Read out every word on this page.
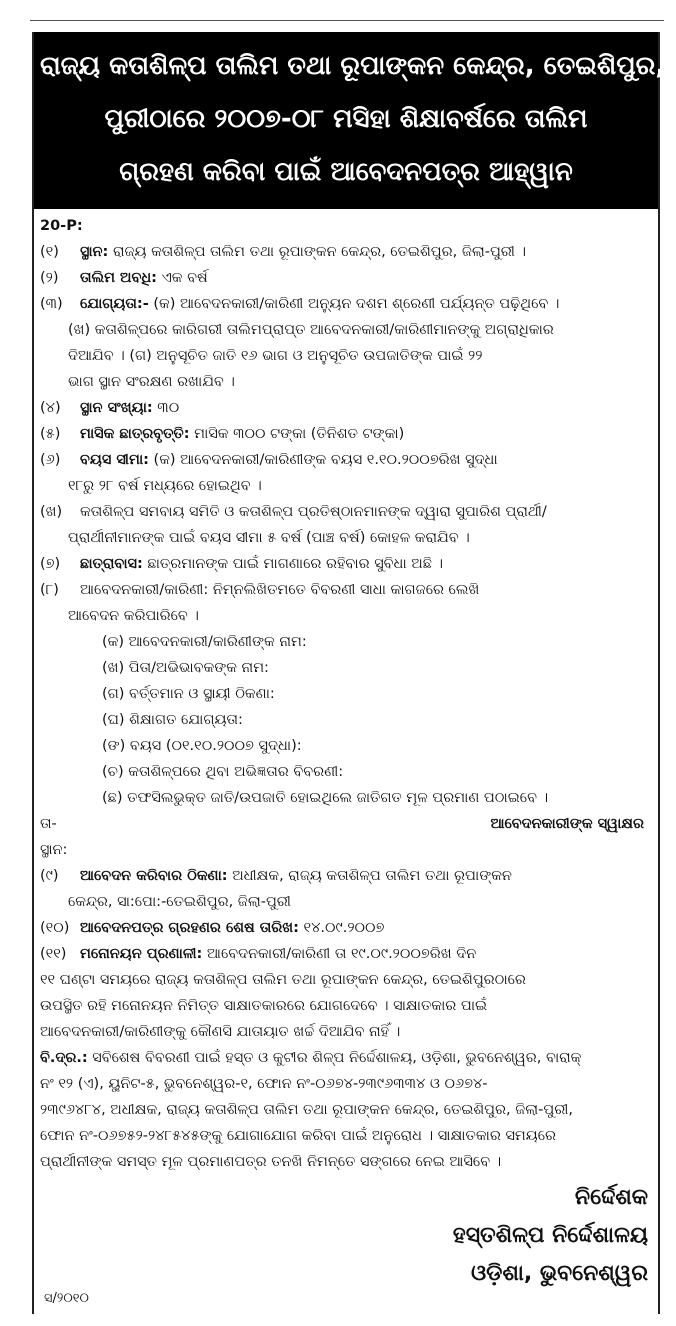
ରାଜ୍ୟ କତାଶିଳ୍ପ ତାଲିମ ତଥା ରୂପାଙ୍କନ କେନ୍ଦ୍ର, ତେଇଶିପୁର,
ପୁରୀଠାରେ ୨୦୦୭-୦୮ ମସିହା ଶିକ୍ଷାବର୍ଷରେ ତାଲିମ
ଗ୍ରହଣ କରିବା ପାଇଁ ଆବେଦନପତ୍ର ଆହ୍ୱାନ
20-P:
(୧) ସ୍ଥାନ: ରାଜ୍ୟ କତାଶିଳ୍ପ ତାଲିମ ତଥା ରୂପାଙ୍କନ କେନ୍ଦ୍ର, ତେଇଶିପୁର, ଜିଲା-ପୁରୀ ।
(୨) ତାଲିମ ଅବଧି: ଏକ ବର୍ଷ
(୩) ଯୋଗ୍ୟତା:- (କ) ଆବେଦନକାରୀ/କାରିଣୀ ଅନ୍ୟୁନ ଦଶମ ଶ୍ରେଣୀ ପର୍ଯ୍ୟନ୍ତ ପଢ଼ିଥିବେ ।
(ଖ) କତାଶିଳ୍ପରେ କାରିଗରୀ ତାଲିମପ୍ରାପ୍ତ ଆବେଦନକାରୀ/କାରିଣୀମାନଙ୍କୁ ଅଗ୍ରାଧିକାର
ଦିଆଯିବ । (ଗ) ଅନୁସୂଚିତ ଜାତି ୧୬ ଭାଗ ଓ ଅନୁସୂଚିତ ଉପଜାତିଙ୍କ ପାଇଁ ୨୨
ଭାଗ ସ୍ଥାନ ସଂରକ୍ଷଣ ରଖାଯିବ ।
(୪) ସ୍ଥାନ ସଂଖ୍ୟା: ୩୦
(୫) ମାସିକ ଛାତ୍ରବୃତ୍ତି: ମାସିକ ୩୦୦ ଟଙ୍କା (ତିନିଶତ ଟଙ୍କା)
(୬) ବୟସ ସୀମା: (କ) ଆବେଦନକାରୀ/କାରିଣୀଙ୍କ ବୟସ ୧.୧୦.୨୦୦୭ରିଖ ସୁଦ୍ଧା
୧୮ରୁ ୨୮ ବର୍ଷ ମଧ୍ୟରେ ହୋଇଥିବ ।
(ଖ) କତାଶିଳ୍ପ ସମବାୟ ସମିତି ଓ କତାଶିଳ୍ପ ପ୍ରତିଷ୍ଠାନମାନଙ୍କ ଦ୍ୱାରା ସୁପାରିଶ ପ୍ରାର୍ଥୀ/
ପ୍ରାର୍ଥୀନୀମାନଙ୍କ ପାଇଁ ବୟସ ସୀମା ୫ ବର୍ଷ (ପାଞ୍ଚ ବର୍ଷ) କୋହଳ କରାଯିବ ।
(୭) ଛାତ୍ରାବାସ: ଛାତ୍ରମାନଙ୍କ ପାଇଁ ମାଗଣାରେ ରହିବାର ସୁବିଧା ଅଛି ।
(୮) ଆବେଦନକାରୀ/କାରିଣୀ: ନିମ୍ନଲିଖିତମତେ ବିବରଣୀ ସାଧା କାଗଜରେ ଲେଖି
ଆବେଦନ କରିପାରିବେ ।
(କ) ଆବେଦନକାରୀ/କାରିଣୀଙ୍କ ନାମ:
(ଖ) ପିତା/ଅଭିଭାବକଙ୍କ ନାମ:
(ଗ) ବର୍ତ୍ତମାନ ଓ ସ୍ଥାୟୀ ଠିକଣା:
(ଘ) ଶିକ୍ଷାଗତ ଯୋଗ୍ୟତା:
(ଙ) ବୟସ (୦୧.୧୦.୨୦୦୭ ସୁଦ୍ଧା):
(ଚ) କତାଶିଳ୍ପରେ ଥିବା ଅଭିଜ୍ଞତାର ବିବରଣୀ:
(ଛ) ତଫସିଲଭୁକ୍ତ ଜାତି/ଉପଜାତି ହୋଇଥିଲେ ଜାତିଗତ ମୂଳ ପ୍ରମାଣ ପଠାଇବେ ।
ତା-	ଆବେଦନକାରୀଙ୍କ ସ୍ୱାକ୍ଷର
ସ୍ଥାନ:
(୯) ଆବେଦନ କରିବାର ଠିକଣା: ଅଧୀକ୍ଷକ, ରାଜ୍ୟ କତାଶିଳ୍ପ ତାଲିମ ତଥା ରୂପାଙ୍କନ
କେନ୍ଦ୍ର, ସା:ପୋ:-ତେଇଶିପୁର, ଜିଲା-ପୁରୀ
(୧୦) ଆବେଦନପତ୍ର ଗ୍ରହଣର ଶେଷ ତାରିଖ: ୧୪.୦୯.୨୦୦୭
(୧୧) ମନୋନୟନ ପ୍ରଣାଳୀ: ଆବେଦନକାରୀ/କାରିଣୀ ତା ୧୯.୦୯.୨୦୦୭ରିଖ ଦିନ
୧୧ ଘଣ୍ଟା ସମୟରେ ରାଜ୍ୟ କତାଶିଳ୍ପ ତାଲିମ ତଥା ରୂପାଙ୍କନ କେନ୍ଦ୍ର, ତେଇଶିପୁରଠାରେ
ଉପସ୍ଥିତ ରହି ମନୋନୟନ ନିମିତ୍ତ ସାକ୍ଷାତକାରରେ ଯୋଗଦେବେ । ସାକ୍ଷାତକାର ପାଇଁ
ଆବେଦନକାରୀ/କାରିଣୀଙ୍କୁ କୌଣସି ଯାତାୟାତ ଖର୍ଚ୍ଚ ଦିଆଯିବ ନାହିଁ ।
ବି.ଦ୍ର.: ସବିଶେଷ ବିବରଣୀ ପାଇଁ ହସ୍ତ ଓ କୁଟୀର ଶିଳ୍ପ ନିର୍ଦ୍ଦେଶାଳୟ, ଓଡ଼ିଶା, ଭୁବନେଶ୍ୱର, ବାରାକ୍
ନଂ ୧୨ (ଏ), ୟୁନିଟ-୫, ଭୁବନେଶ୍ୱର-୧, ଫୋନ ନଂ-୦୬୭୪-୨୩୯୬୩୩୪ ଓ ୦୬୭୪-
୨୩୯୬୪୮୪, ଅଧୀକ୍ଷକ, ରାଜ୍ୟ କତାଶିଳ୍ପ ତାଲିମ ତଥା ରୂପାଙ୍କନ କେନ୍ଦ୍ର, ତେଇଶିପୁର, ଜିଲା-ପୁରୀ,
ଫୋନ ନଂ-୦୬୭୫୨-୨୪୮୫୪୫ଙ୍କୁ ଯୋଗାଯୋଗ କରିବା ପାଇଁ ଅନୁରୋଧ । ସାକ୍ଷାତକାର ସମୟରେ
ପ୍ରାର୍ଥୀନୀଙ୍କ ସମସ୍ତ ମୂଳ ପ୍ରମାଣପତ୍ର ତନଖି ନିମନ୍ତେ ସଙ୍ଗରେ ନେଇ ଆସିବେ ।
ନିର୍ଦ୍ଦେଶକ
ହସ୍ତଶିଳ୍ପ ନିର୍ଦ୍ଦେଶାଳୟ
ଓଡ଼ିଶା, ଭୁବନେଶ୍ୱର
ସ/୨୦୧୦
